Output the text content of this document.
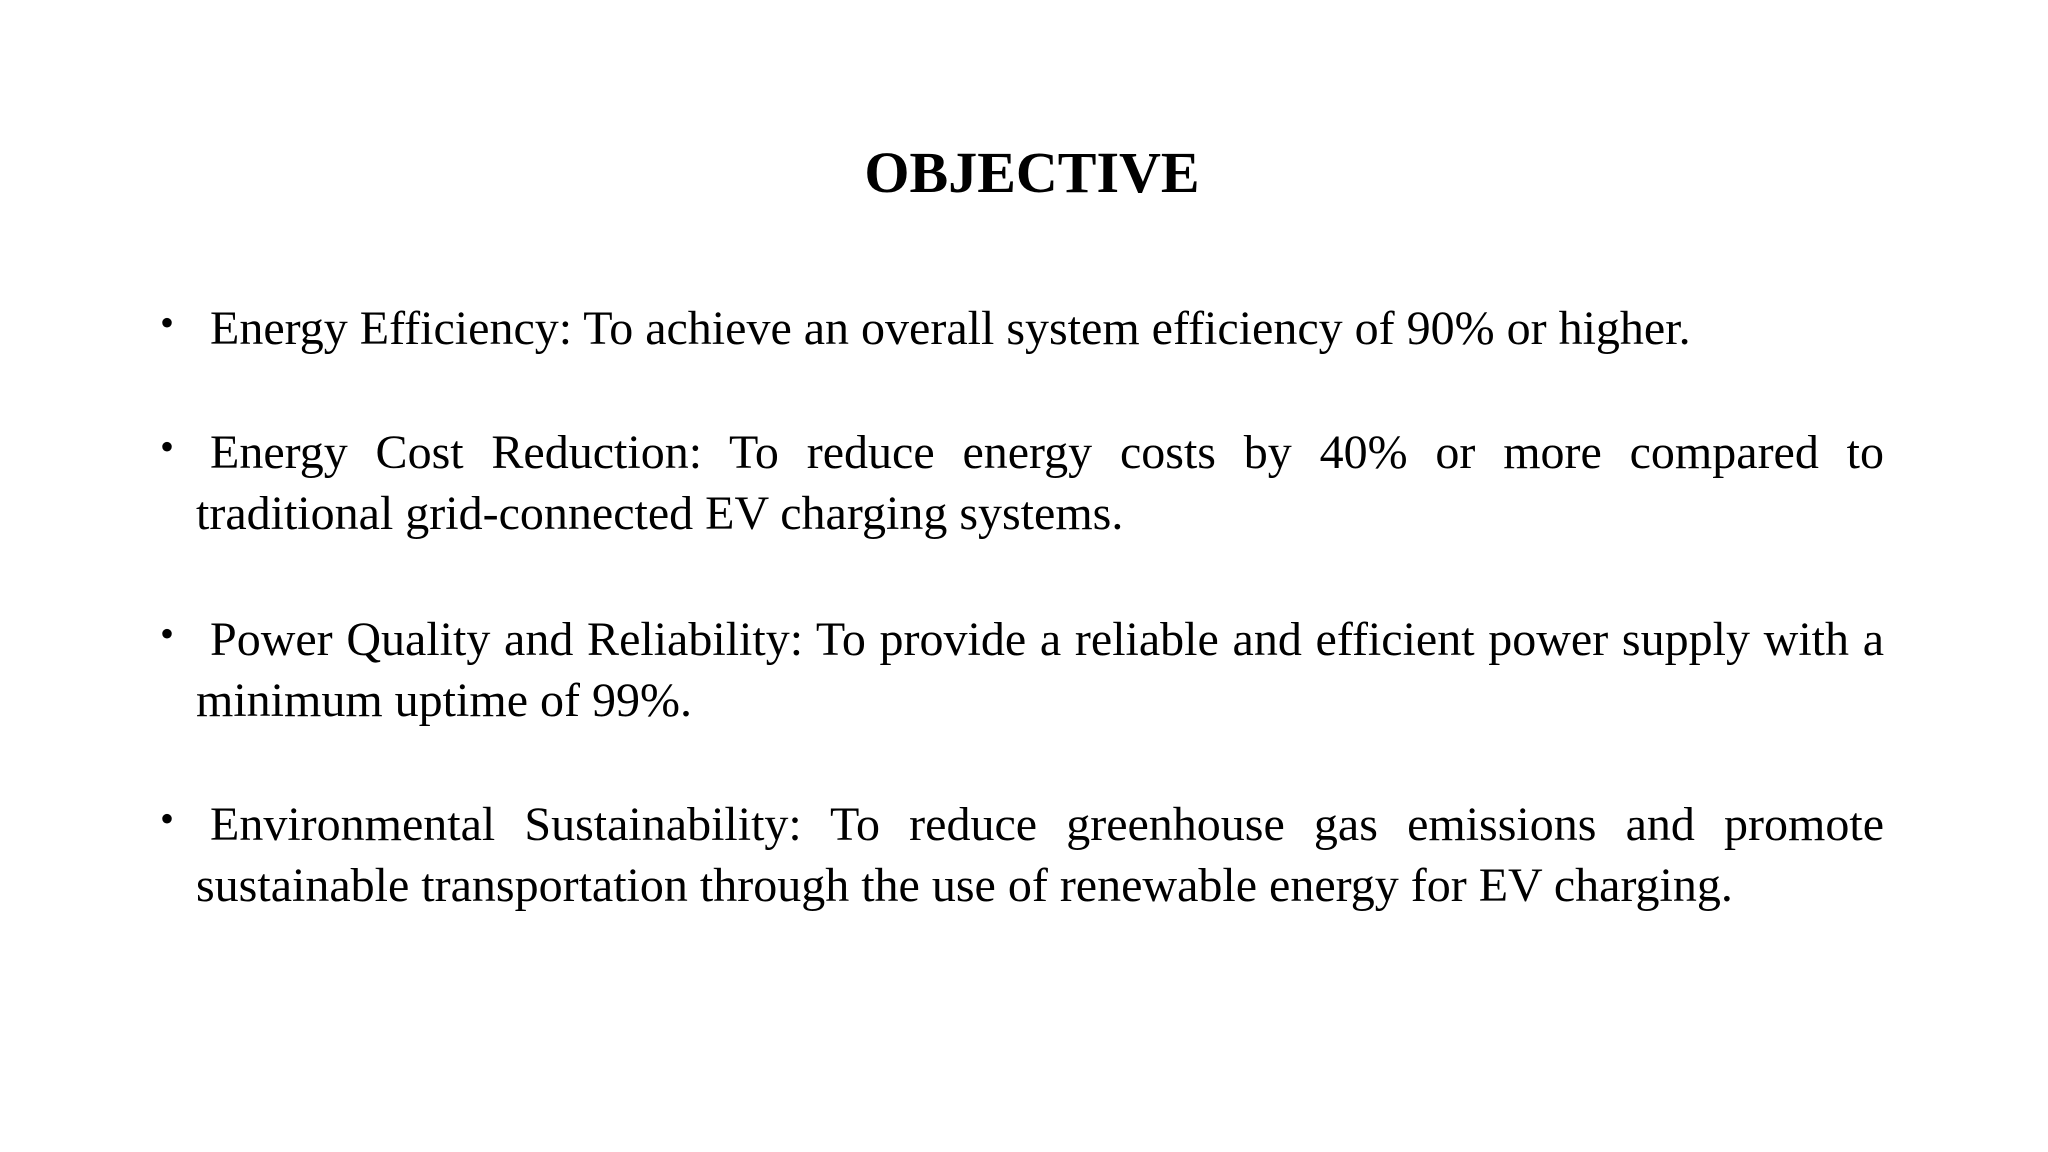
OBJECTIVE
• Energy Efficiency: To achieve an overall system efficiency of 90% or higher.
• Energy Cost Reduction: To reduce energy costs by 40% or more compared to traditional grid-connected EV charging systems.
• Power Quality and Reliability: To provide a reliable and efficient power supply with a minimum uptime of 99%.
• Environmental Sustainability: To reduce greenhouse gas emissions and promote sustainable transportation through the use of renewable energy for EV charging.
